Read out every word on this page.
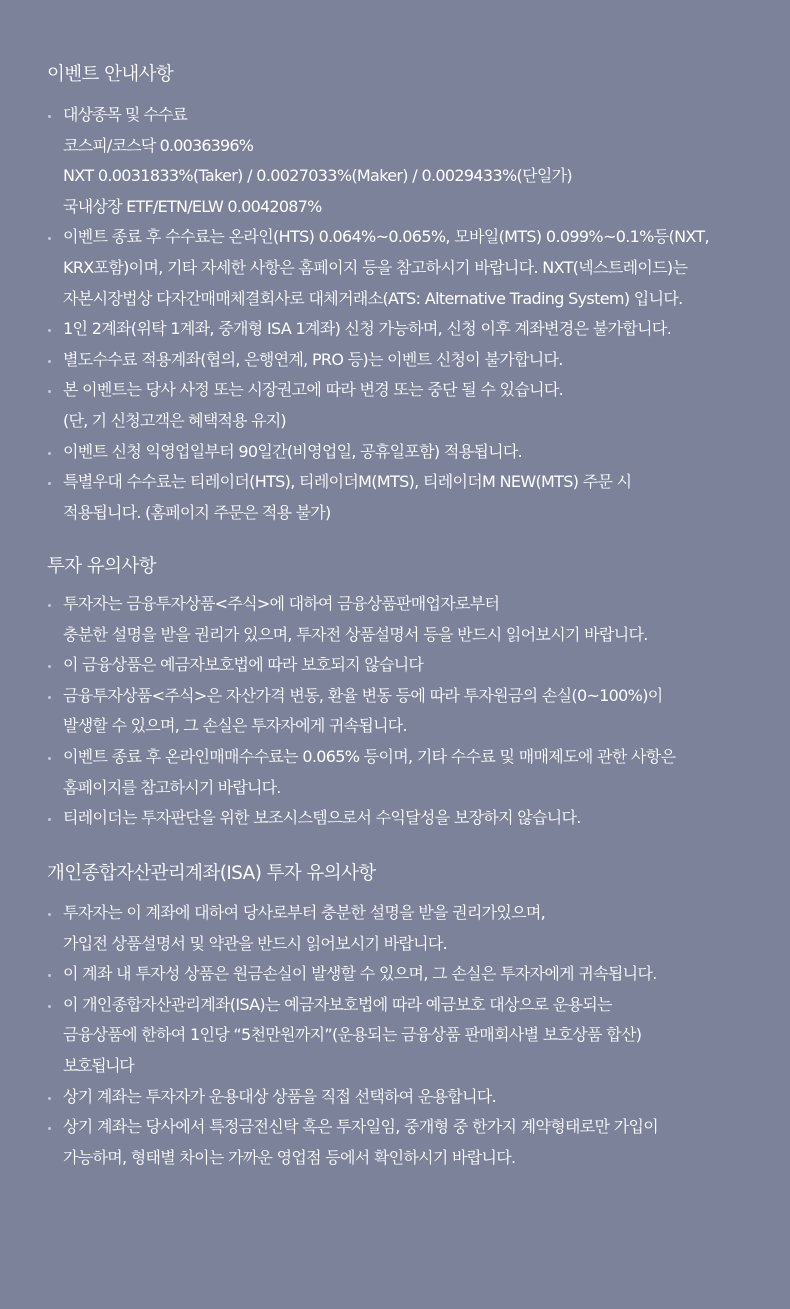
이벤트 안내사항
대상종목 및 수수료
코스피/코스닥 0.0036396%
NXT 0.0031833%(Taker) / 0.0027033%(Maker) / 0.0029433%(단일가)
국내상장 ETF/ETN/ELW 0.0042087%
이벤트 종료 후 수수료는 온라인(HTS) 0.064%~0.065%, 모바일(MTS) 0.099%~0.1%등(NXT,
KRX포함)이며, 기타 자세한 사항은 홈페이지 등을 참고하시기 바랍니다. NXT(넥스트레이드)는
자본시장법상 다자간매매체결회사로 대체거래소(ATS: Alternative Trading System) 입니다.
1인 2계좌(위탁 1계좌, 중개형 ISA 1계좌) 신청 가능하며, 신청 이후 계좌변경은 불가합니다.
별도수수료 적용계좌(협의, 은행연계, PRO 등)는 이벤트 신청이 불가합니다.
본 이벤트는 당사 사정 또는 시장권고에 따라 변경 또는 중단 될 수 있습니다.
(단, 기 신청고객은 혜택적용 유지)
이벤트 신청 익영업일부터 90일간(비영업일, 공휴일포함) 적용됩니다.
특별우대 수수료는 티레이더(HTS), 티레이더M(MTS), 티레이더M NEW(MTS) 주문 시
적용됩니다. (홈페이지 주문은 적용 불가)
투자 유의사항
투자자는 금융투자상품<주식>에 대하여 금융상품판매업자로부터
충분한 설명을 받을 권리가 있으며, 투자전 상품설명서 등을 반드시 읽어보시기 바랍니다.
이 금융상품은 예금자보호법에 따라 보호되지 않습니다
금융투자상품<주식>은 자산가격 변동, 환율 변동 등에 따라 투자원금의 손실(0~100%)이
발생할 수 있으며, 그 손실은 투자자에게 귀속됩니다.
이벤트 종료 후 온라인매매수수료는 0.065% 등이며, 기타 수수료 및 매매제도에 관한 사항은
홈페이지를 참고하시기 바랍니다.
티레이더는 투자판단을 위한 보조시스템으로서 수익달성을 보장하지 않습니다.
개인종합자산관리계좌(ISA) 투자 유의사항
투자자는 이 계좌에 대하여 당사로부터 충분한 설명을 받을 권리가있으며,
가입전 상품설명서 및 약관을 반드시 읽어보시기 바랍니다.
이 계좌 내 투자성 상품은 원금손실이 발생할 수 있으며, 그 손실은 투자자에게 귀속됩니다.
이 개인종합자산관리계좌(ISA)는 예금자보호법에 따라 예금보호 대상으로 운용되는
금융상품에 한하여 1인당 “5천만원까지”(운용되는 금융상품 판매회사별 보호상품 합산)
보호됩니다
상기 계좌는 투자자가 운용대상 상품을 직접 선택하여 운용합니다.
상기 계좌는 당사에서 특정금전신탁 혹은 투자일임, 중개형 중 한가지 계약형태로만 가입이
가능하며, 형태별 차이는 가까운 영업점 등에서 확인하시기 바랍니다.
